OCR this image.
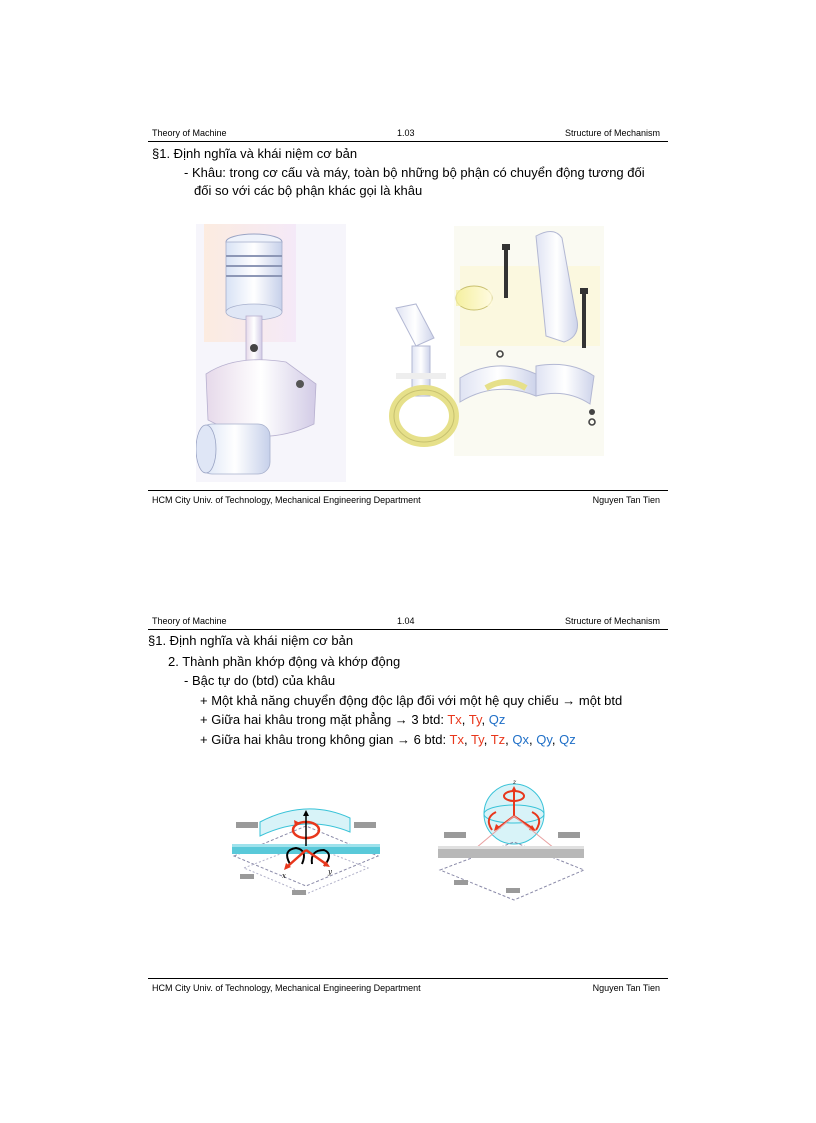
Theory of Machine	1.03	Structure of Mechanism
§1. Định nghĩa và khái niệm cơ bản
- Khâu: trong cơ cấu và máy, toàn bộ những bộ phận có chuyển động tương đối
đối so với các bộ phận khác gọi là khâu
HCM City Univ. of Technology, Mechanical Engineering Department	Nguyen Tan Tien
Theory of Machine	1.04	Structure of Mechanism
§1. Định nghĩa và khái niệm cơ bản
2. Thành phần khớp động và khớp động
- Bậc tự do (btd) của khâu
+ Một khả năng chuyển động độc lập đối với một hệ quy chiếu → một btd
+ Giữa hai khâu trong mặt phẳng → 3 btd: Tx, Ty, Qz
+ Giữa hai khâu trong không gian → 6 btd: Tx, Ty, Tz, Qx, Qy, Qz
y
x
z
HCM City Univ. of Technology, Mechanical Engineering Department	Nguyen Tan Tien
